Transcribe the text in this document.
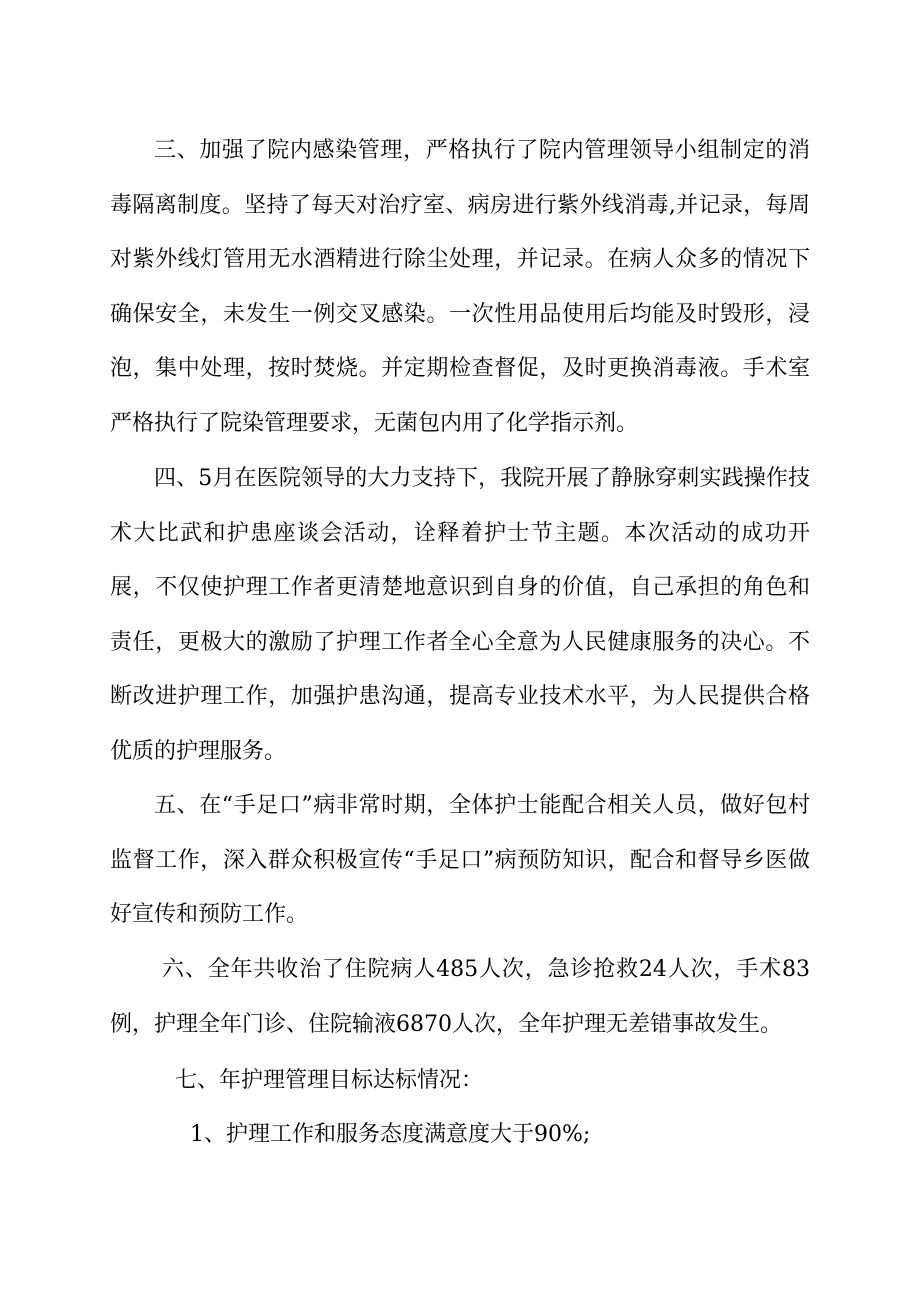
三、加强了院内感染管理，严格执行了院内管理领导小组制定的消毒隔离制度。坚持了每天对治疗室、病房进行紫外线消毒,并记录，每周对紫外线灯管用无水酒精进行除尘处理，并记录。在病人众多的情况下确保安全，未发生一例交叉感染。一次性用品使用后均能及时毁形，浸泡，集中处理，按时焚烧。并定期检查督促，及时更换消毒液。手术室严格执行了院染管理要求，无菌包内用了化学指示剂。

四、5月在医院领导的大力支持下，我院开展了静脉穿刺实践操作技术大比武和护患座谈会活动，诠释着护士节主题。本次活动的成功开展，不仅使护理工作者更清楚地意识到自身的价值，自己承担的角色和责任，更极大的激励了护理工作者全心全意为人民健康服务的决心。不断改进护理工作，加强护患沟通，提高专业技术水平，为人民提供合格优质的护理服务。

五、在“手足口”病非常时期，全体护士能配合相关人员，做好包村监督工作，深入群众积极宣传“手足口”病预防知识，配合和督导乡医做好宣传和预防工作。

六、全年共收治了住院病人485人次，急诊抢救24人次，手术83例，护理全年门诊、住院输液6870人次，全年护理无差错事故发生。

七、年护理管理目标达标情况：

1、护理工作和服务态度满意度大于90%;
